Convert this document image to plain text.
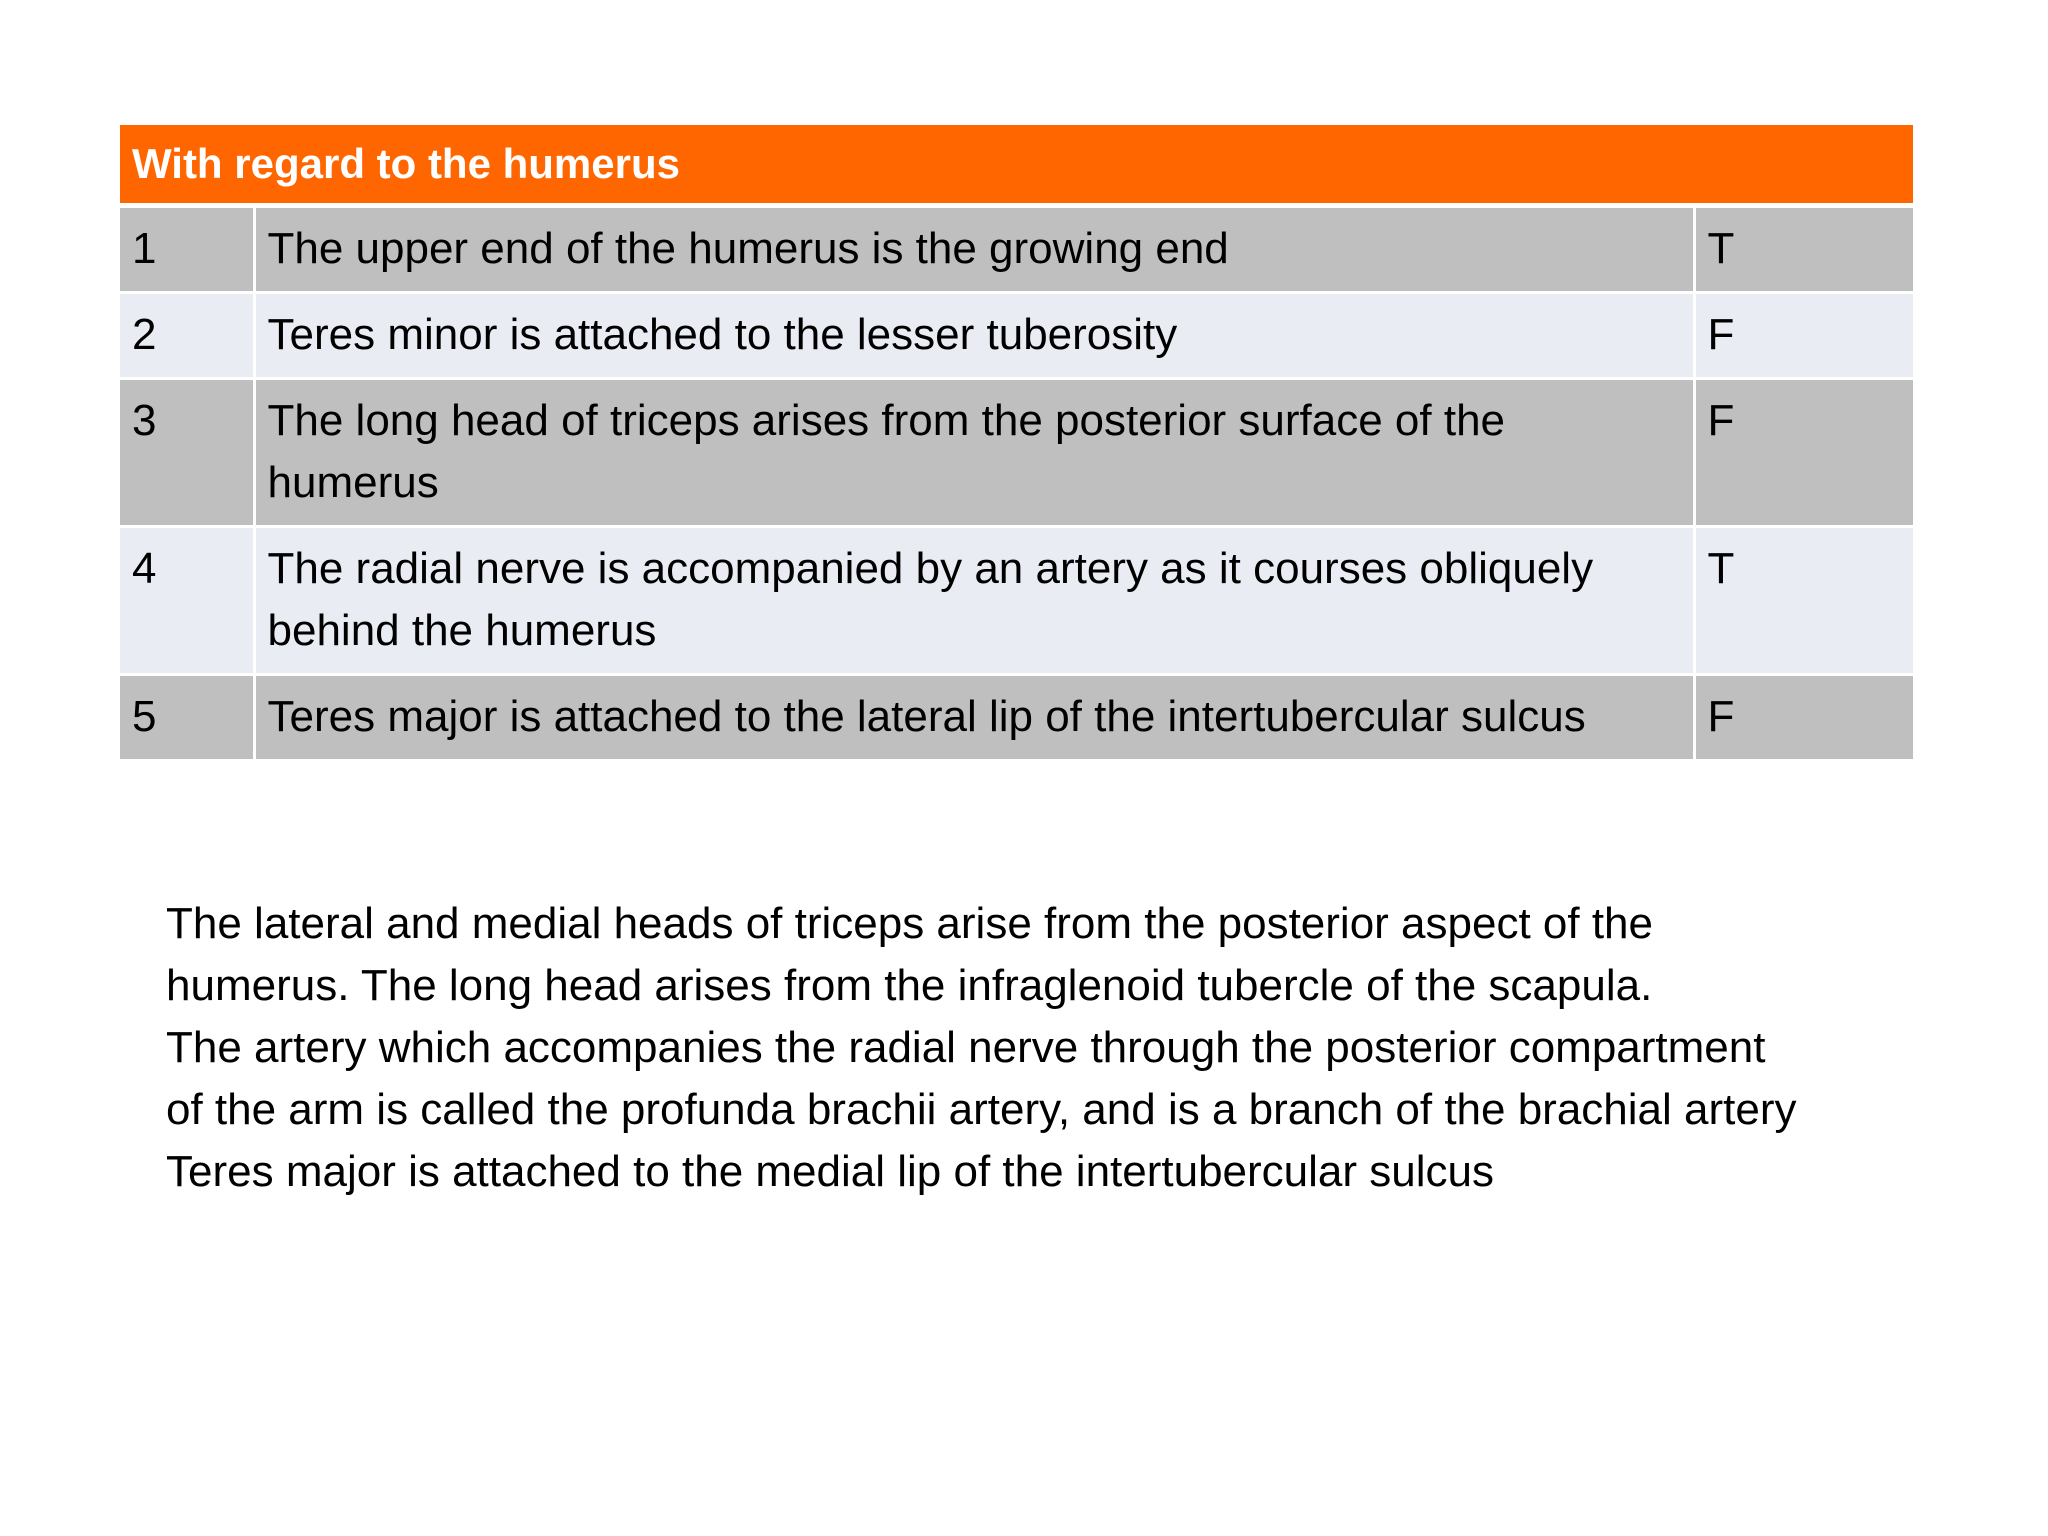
With regard to the humerus		
1	The upper end of the humerus is the growing end	T
2	Teres minor is attached to the lesser tuberosity	F
3	The long head of triceps arises from the posterior surface of the humerus	F
4	The radial nerve is accompanied by an artery as it courses obliquely behind the humerus	T
5	Teres major is attached to the lateral lip of the intertubercular sulcus	F

The lateral and medial heads of triceps arise from the posterior aspect of the

humerus. The long head arises from the infraglenoid tubercle of the scapula.

The artery which accompanies the radial nerve through the posterior compartment

of the arm is called the profunda brachii artery, and is a branch of the brachial artery

Teres major is attached to the medial lip of the intertubercular sulcus
